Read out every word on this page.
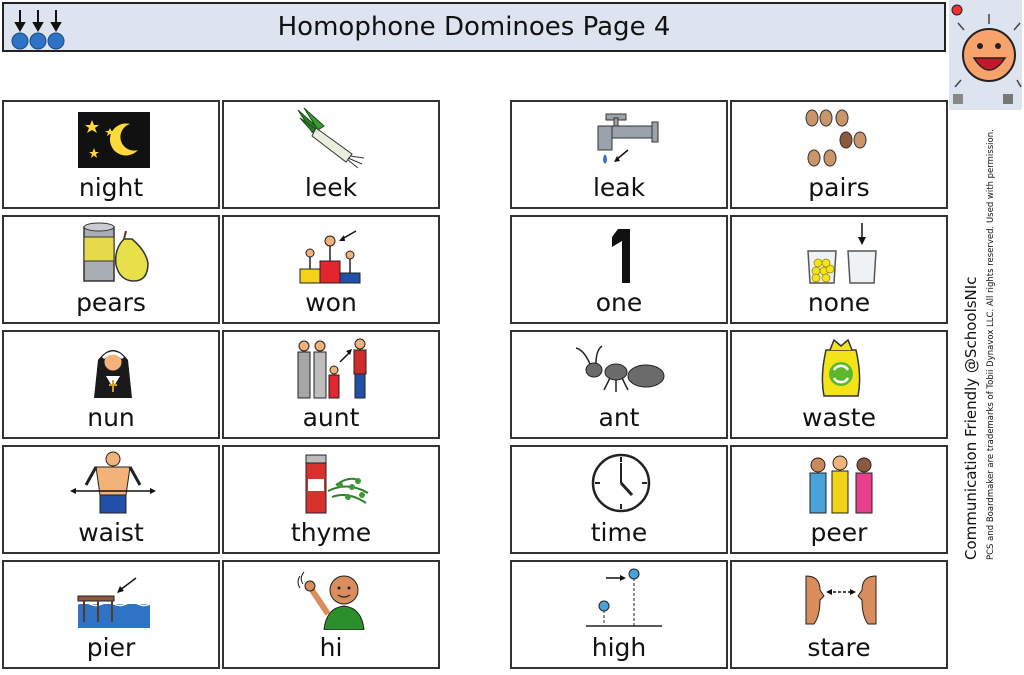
Homophone Dominoes Page 4
Communication Friendly @SchoolsNIc PCS and Boardmaker are trademarks of Tobii Dynavox LLC. All rights reserved. Used with permission.
night	leek	leak	pairs
pears	won	one	none
nun	aunt	ant	waste
waist	thyme	time	peer
pier	hi	high	stare
